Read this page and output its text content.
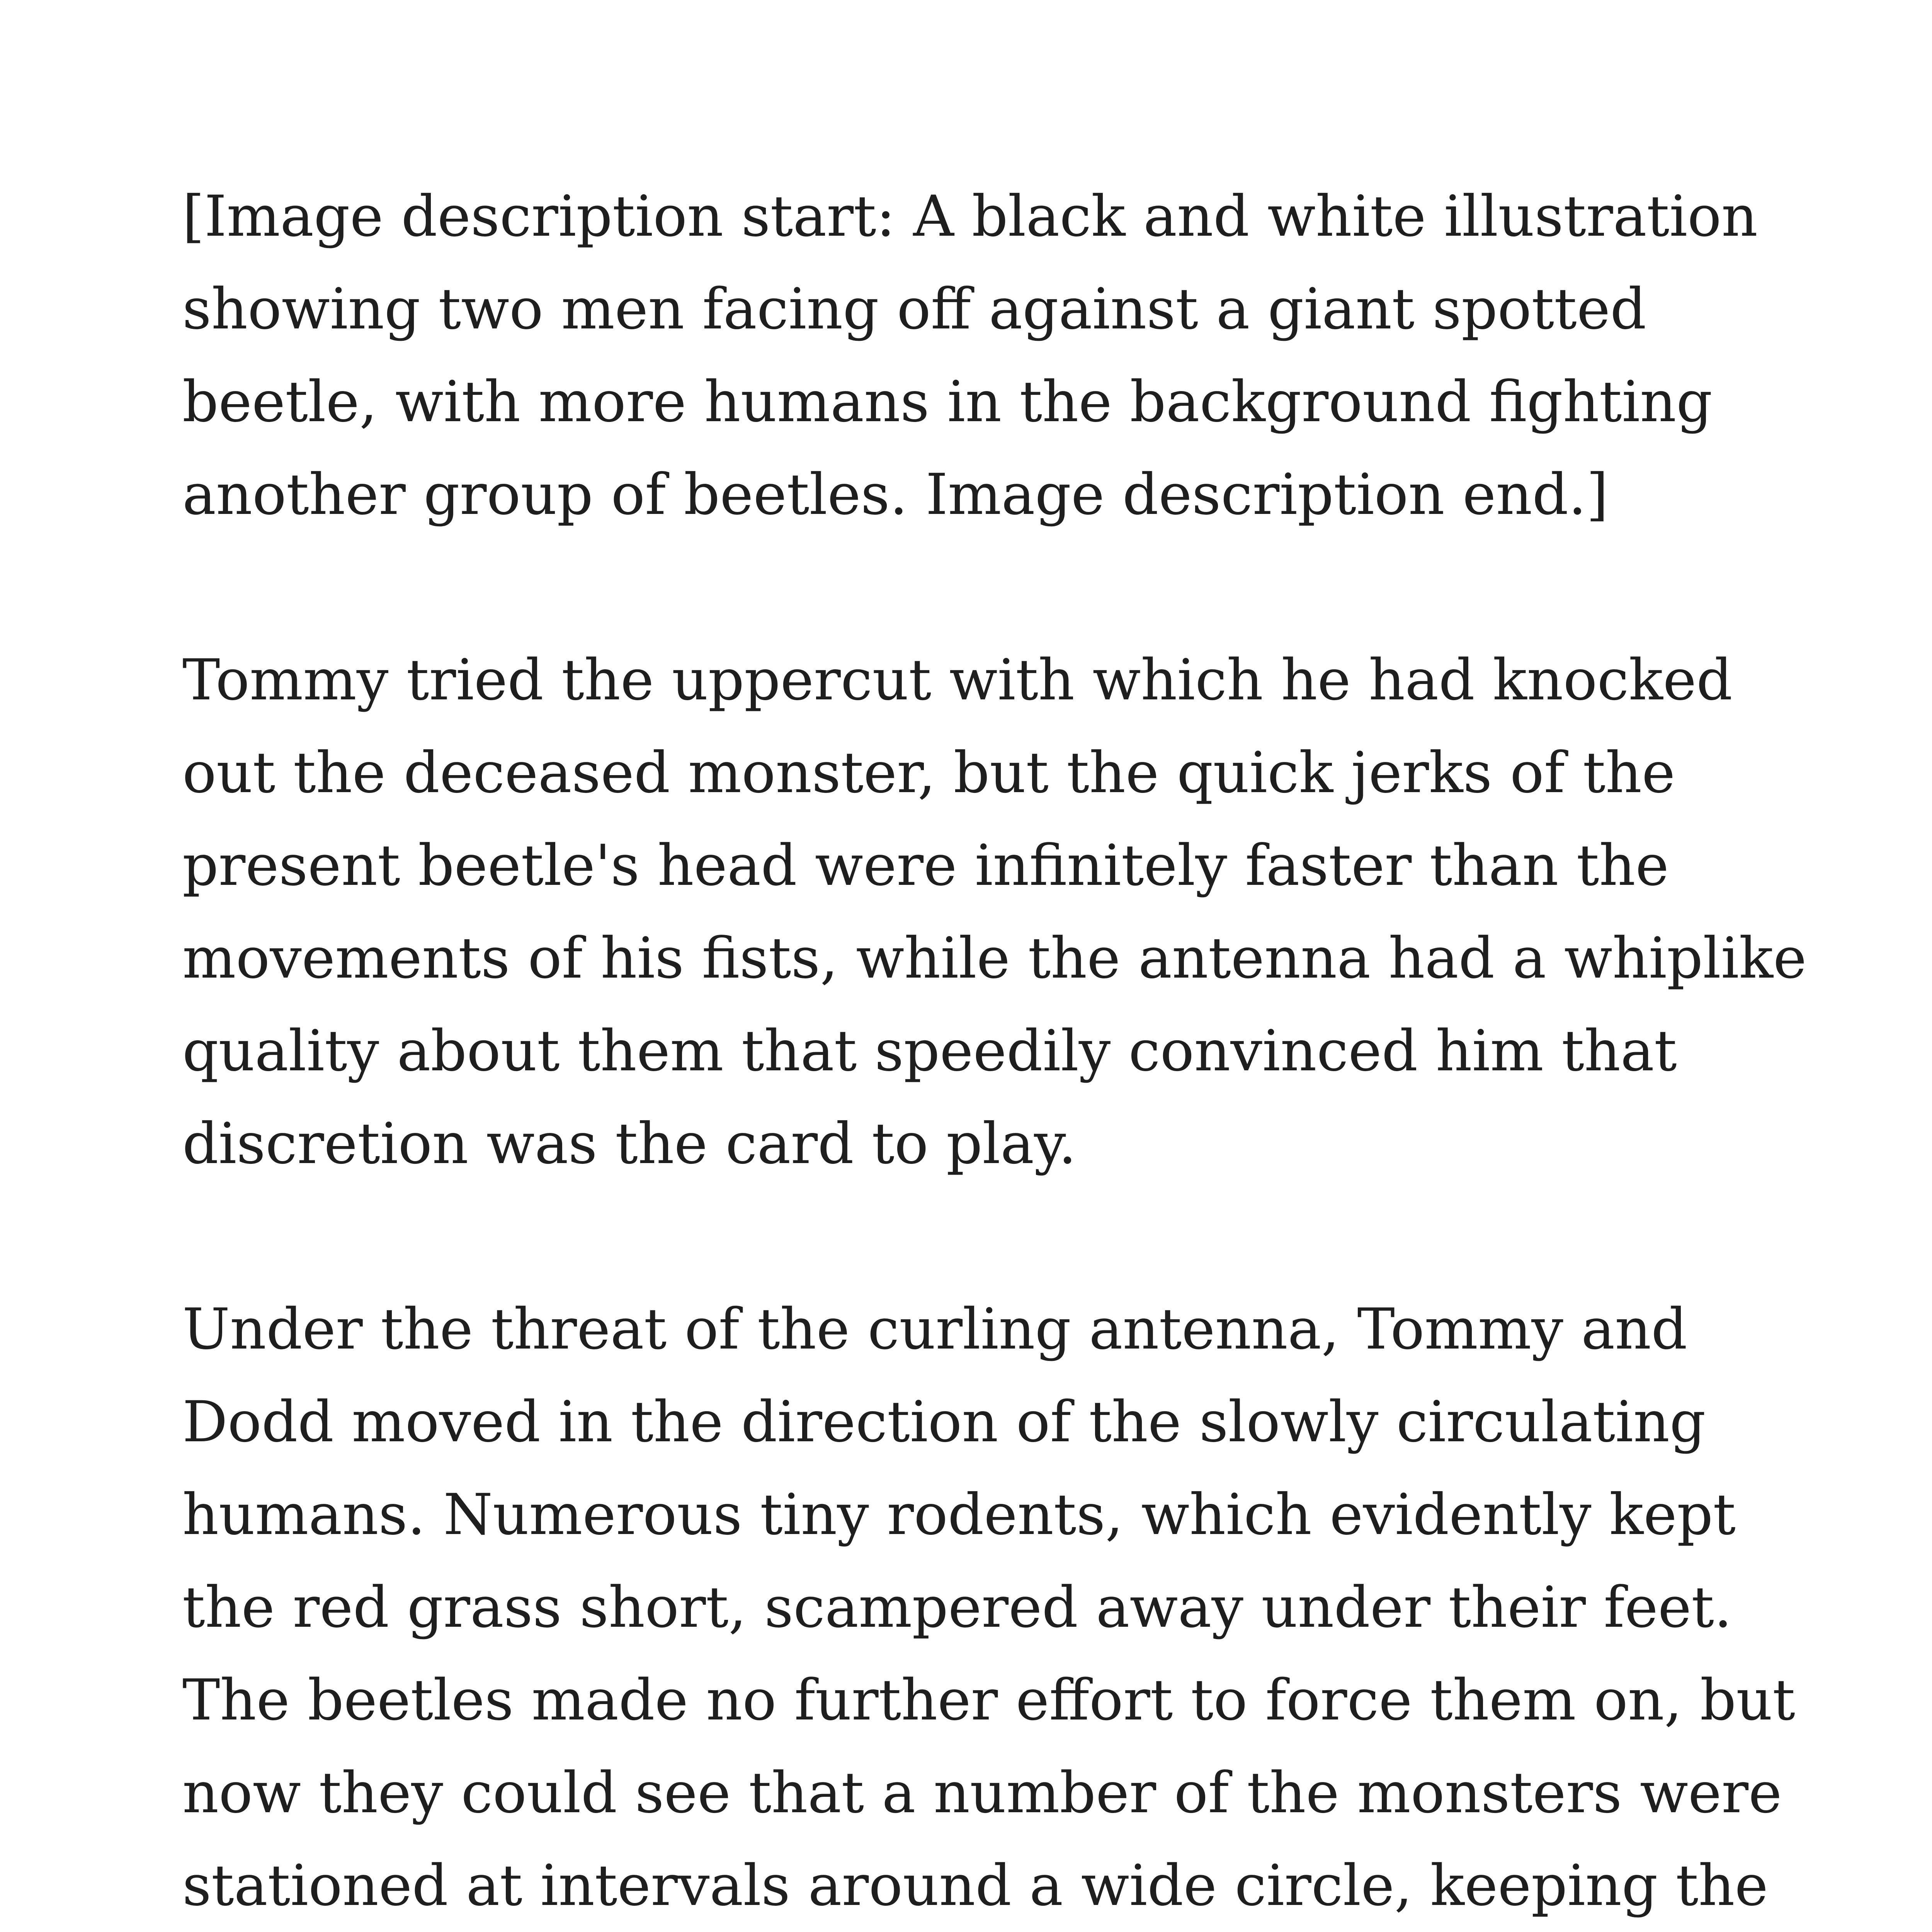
[Image description start: A black and white illustration showing two men facing off against a giant spotted beetle, with more humans in the background fighting another group of beetles. Image description end.]

Tommy tried the uppercut with which he had knocked out the deceased monster, but the quick jerks of the present beetle's head were infinitely faster than the movements of his fists, while the antenna had a whiplike quality about them that speedily convinced him that discretion was the card to play.

Under the threat of the curling antenna, Tommy and Dodd moved in the direction of the slowly circulating humans. Numerous tiny rodents, which evidently kept the red grass short, scampered away under their feet. The beetles made no further effort to force them on, but now they could see that a number of the monsters were stationed at intervals around a wide circle, keeping the
